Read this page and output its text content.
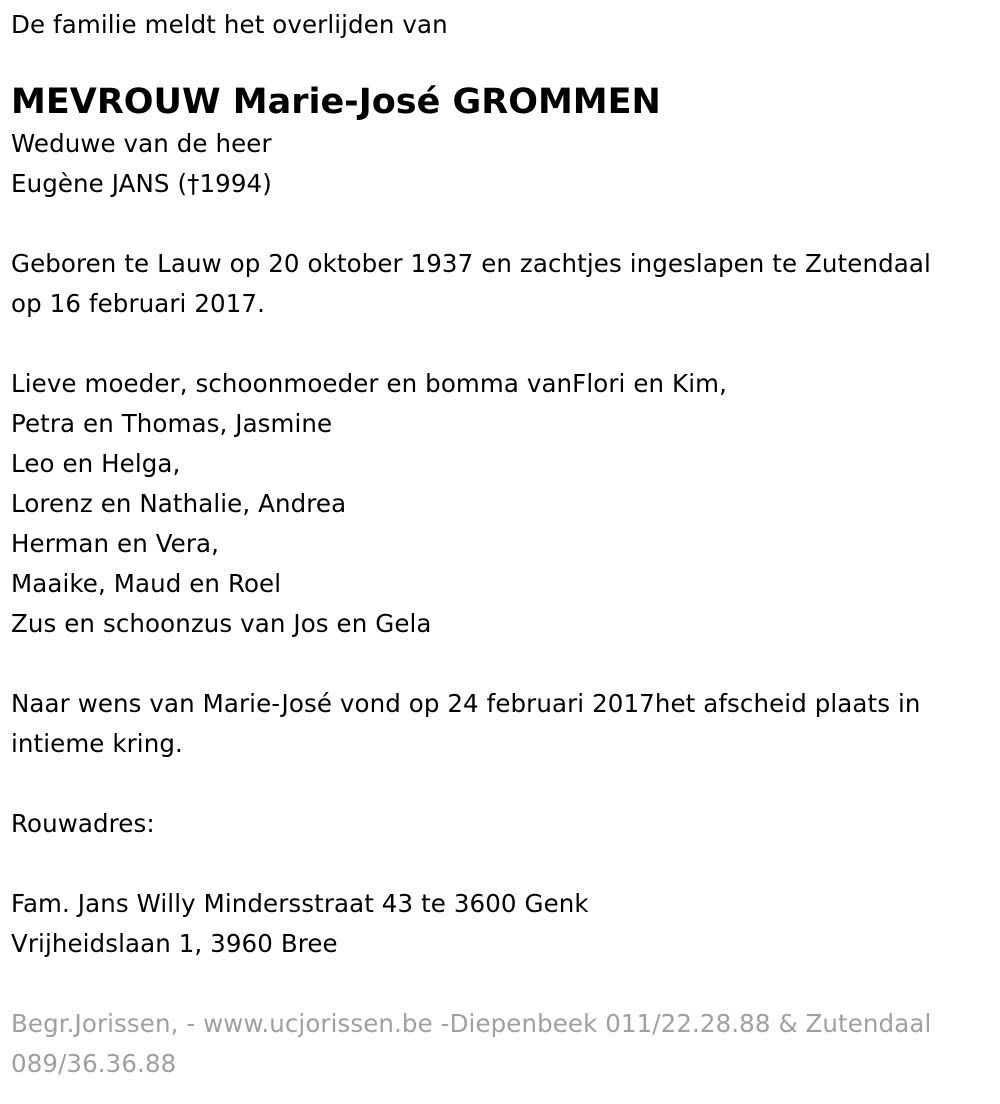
De familie meldt het overlijden van
MEVROUW Marie-José GROMMEN
Weduwe van de heer
Eugène JANS (†1994)
Geboren te Lauw op 20 oktober 1937 en zachtjes ingeslapen te Zutendaal
op 16 februari 2017.
Lieve moeder, schoonmoeder en bomma vanFlori en Kim,
Petra en Thomas, Jasmine
Leo en Helga,
Lorenz en Nathalie, Andrea
Herman en Vera,
Maaike, Maud en Roel
Zus en schoonzus van Jos en Gela
Naar wens van Marie-José vond op 24 februari 2017het afscheid plaats in
intieme kring.
Rouwadres:
Fam. Jans Willy Mindersstraat 43 te 3600 Genk
Vrijheidslaan 1, 3960 Bree
Begr.Jorissen, - www.ucjorissen.be -Diepenbeek 011/22.28.88 & Zutendaal
089/36.36.88
